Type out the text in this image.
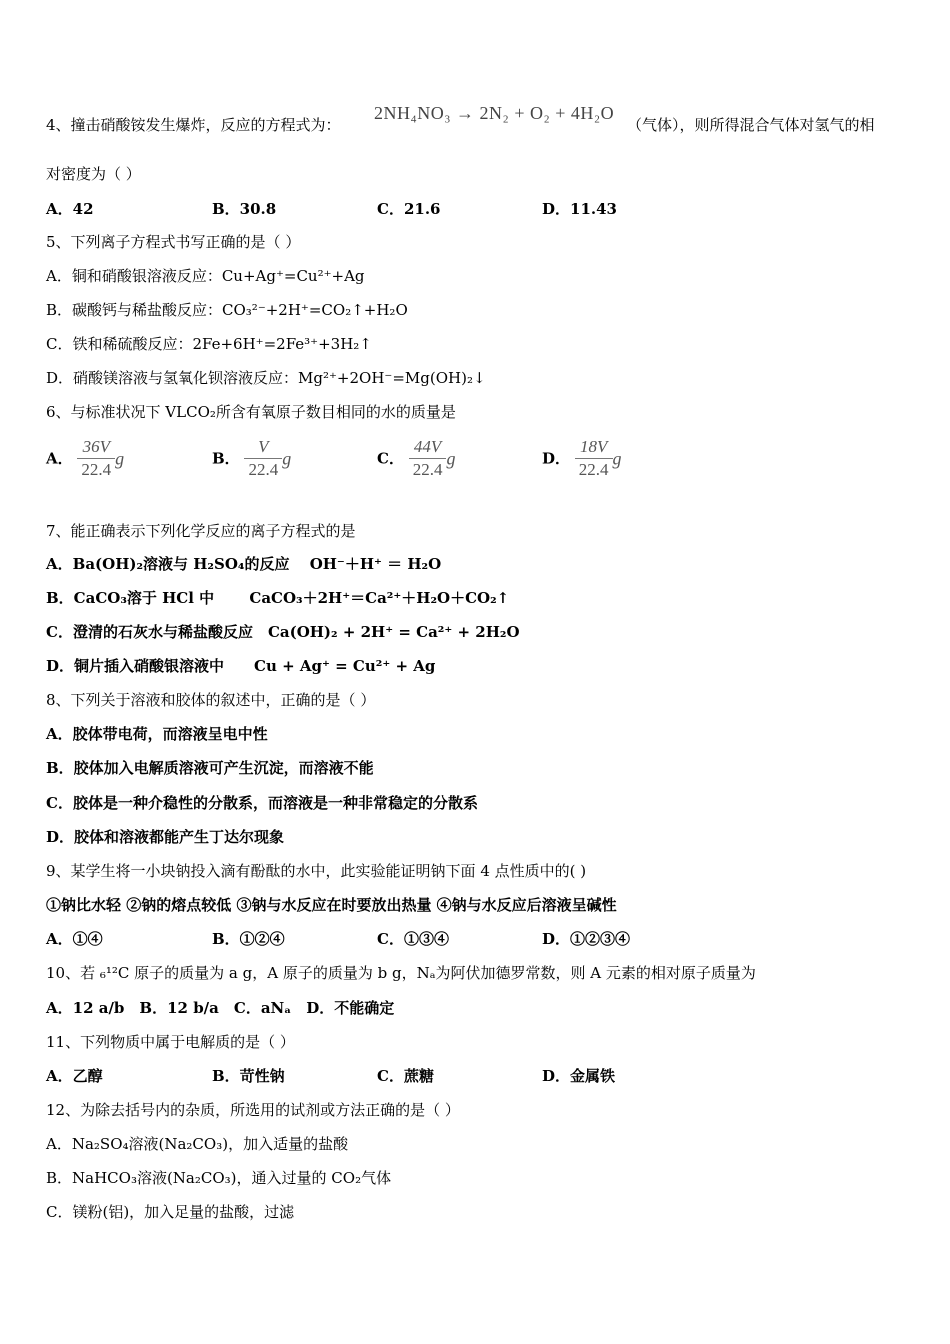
4、撞击硝酸铵发生爆炸，反应的方程式为：
2NH₄NO₃ → 2N₂ + O₂ + 4H₂O
（气体），则所得混合气体对氢气的相
对密度为（ ）
A．42	B．30.8	C．21.6	D．11.43
5、下列离子方程式书写正确的是（ ）
A．铜和硝酸银溶液反应：Cu+Ag⁺=Cu²⁺+Ag
B．碳酸钙与稀盐酸反应：CO₃²⁻+2H⁺=CO₂↑+H₂O
C．铁和稀硫酸反应：2Fe+6H⁺=2Fe³⁺+3H₂↑
D．硝酸镁溶液与氢氧化钡溶液反应：Mg²⁺+2OH⁻=Mg(OH)₂↓
6、与标准状况下 VLCO₂所含有氧原子数目相同的水的质量是
A． $\frac{36V}{22.4}$ g	B． $\frac{V}{22.4}$ g	C． $\frac{44V}{22.4}$ g	D． $\frac{18V}{22.4}$ g
7、能正确表示下列化学反应的离子方程式的是
A．Ba(OH)₂溶液与 H₂SO₄的反应　 OH⁻＋H⁺ ＝ H₂O
B．CaCO₃溶于 HCl 中　　 CaCO₃＋2H⁺＝Ca²⁺＋H₂O＋CO₂↑
C．澄清的石灰水与稀盐酸反应　Ca(OH)₂ + 2H⁺ = Ca²⁺ + 2H₂O
D．铜片插入硝酸银溶液中　　Cu + Ag⁺ = Cu²⁺ + Ag
8、下列关于溶液和胶体的叙述中，正确的是（ ）
A．胶体带电荷，而溶液呈电中性
B．胶体加入电解质溶液可产生沉淀，而溶液不能
C．胶体是一种介稳性的分散系，而溶液是一种非常稳定的分散系
D．胶体和溶液都能产生丁达尔现象
9、某学生将一小块钠投入滴有酚酞的水中，此实验能证明钠下面 4 点性质中的( )
①钠比水轻 ②钠的熔点较低 ③钠与水反应在时要放出热量 ④钠与水反应后溶液呈碱性
A．①④	B．①②④	C．①③④	D．①②③④
10、若 ₆¹²C 原子的质量为 a g，A 原子的质量为 b g，Nₐ为阿伏加德罗常数，则 A 元素的相对原子质量为
A．12 a/b　B．12 b/a　C．aNₐ　D．不能确定
11、下列物质中属于电解质的是（ ）
A．乙醇	B．苛性钠	C．蔗糖	D．金属铁
12、为除去括号内的杂质，所选用的试剂或方法正确的是（ ）
A．Na₂SO₄溶液(Na₂CO₃)，加入适量的盐酸
B．NaHCO₃溶液(Na₂CO₃)，通入过量的 CO₂气体
C．镁粉(铝)，加入足量的盐酸，过滤
